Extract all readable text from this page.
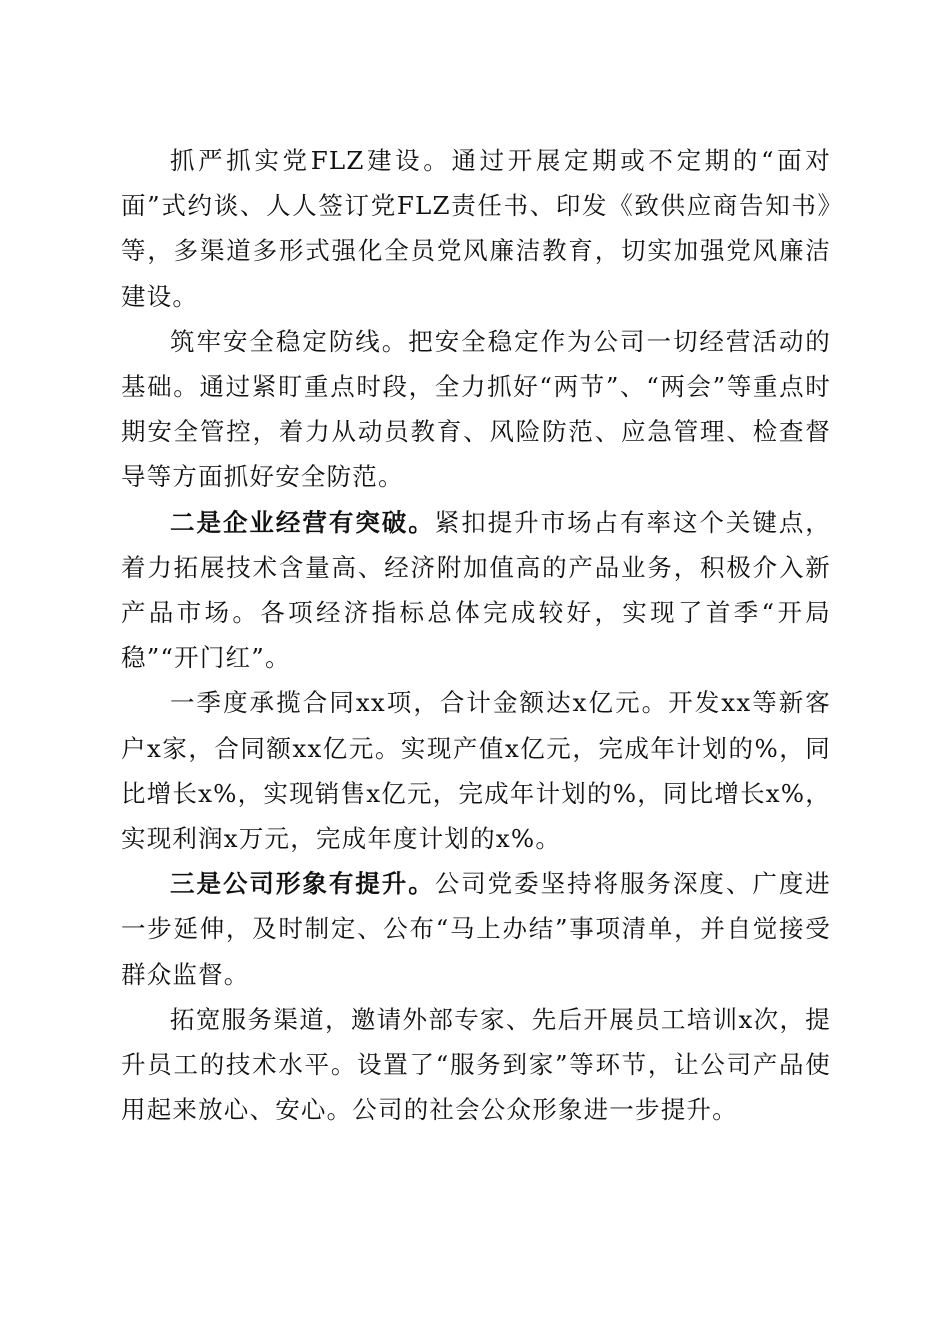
抓严抓实党FLZ建设。通过开展定期或不定期的“面对面”式约谈、人人签订党FLZ责任书、印发《致供应商告知书》等，多渠道多形式强化全员党风廉洁教育，切实加强党风廉洁建设。

筑牢安全稳定防线。把安全稳定作为公司一切经营活动的基础。通过紧盯重点时段，全力抓好“两节”、“两会”等重点时期安全管控，着力从动员教育、风险防范、应急管理、检查督导等方面抓好安全防范。

二是企业经营有突破。紧扣提升市场占有率这个关键点，着力拓展技术含量高、经济附加值高的产品业务，积极介入新产品市场。各项经济指标总体完成较好，实现了首季“开局稳”“开门红”。

一季度承揽合同xx项，合计金额达x亿元。开发xx等新客户x家，合同额xx亿元。实现产值x亿元，完成年计划的%，同比增长x%，实现销售x亿元，完成年计划的%，同比增长x%，实现利润x万元，完成年度计划的x%。

三是公司形象有提升。公司党委坚持将服务深度、广度进一步延伸，及时制定、公布“马上办结”事项清单，并自觉接受群众监督。

拓宽服务渠道，邀请外部专家、先后开展员工培训x次，提升员工的技术水平。设置了“服务到家”等环节，让公司产品使用起来放心、安心。公司的社会公众形象进一步提升。
